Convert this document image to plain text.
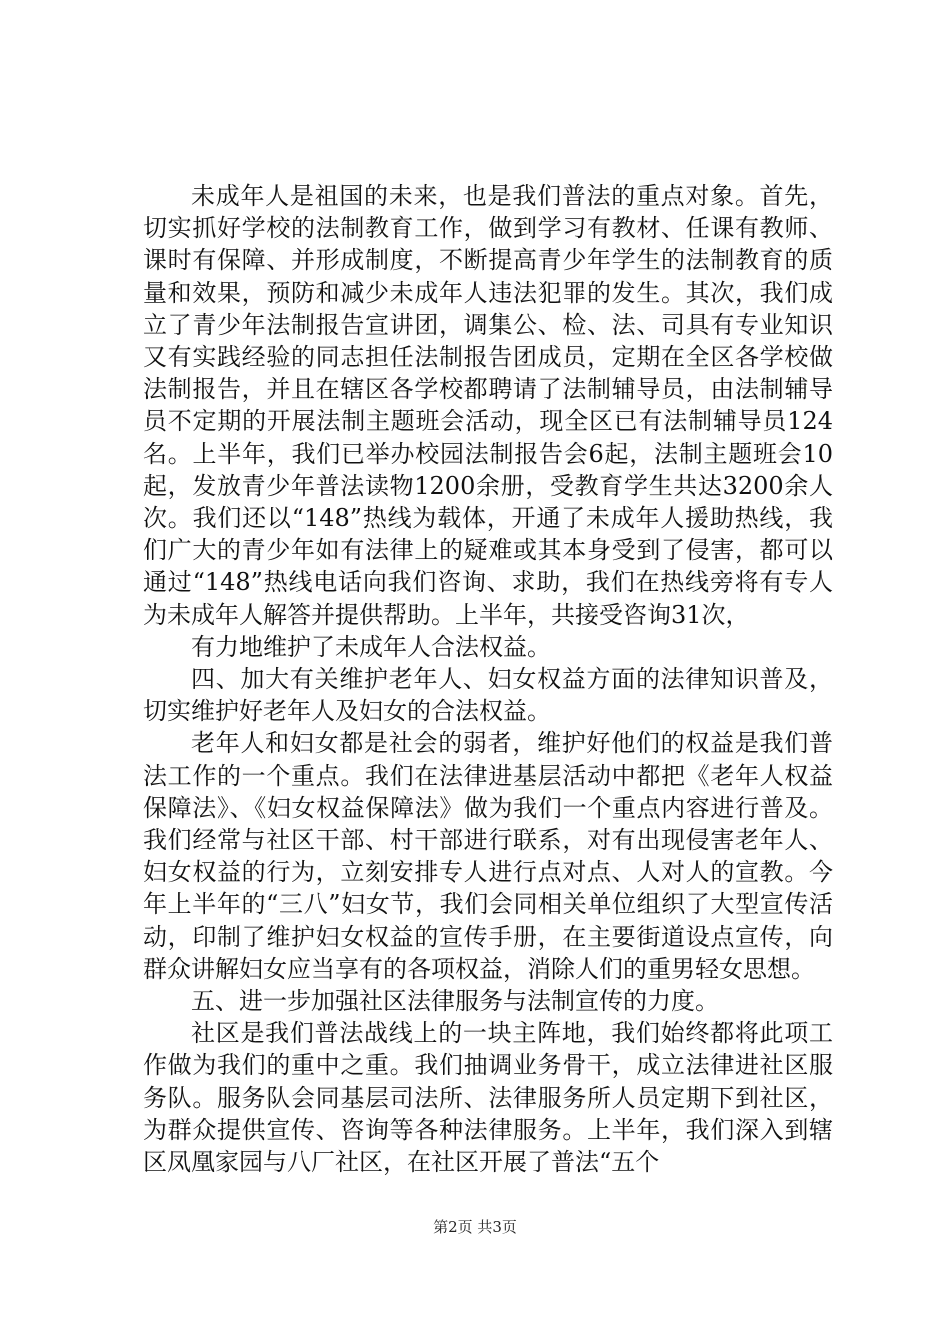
未成年人是祖国的未来，也是我们普法的重点对象。首先，切实抓好学校的法制教育工作，做到学习有教材、任课有教师、课时有保障、并形成制度，不断提高青少年学生的法制教育的质量和效果，预防和减少未成年人违法犯罪的发生。其次，我们成立了青少年法制报告宣讲团，调集公、检、法、司具有专业知识又有实践经验的同志担任法制报告团成员，定期在全区各学校做法制报告，并且在辖区各学校都聘请了法制辅导员，由法制辅导员不定期的开展法制主题班会活动，现全区已有法制辅导员124名。上半年，我们已举办校园法制报告会6起，法制主题班会10起，发放青少年普法读物1200余册，受教育学生共达3200余人次。我们还以“148”热线为载体，开通了未成年人援助热线，我们广大的青少年如有法律上的疑难或其本身受到了侵害，都可以通过“148”热线电话向我们咨询、求助，我们在热线旁将有专人为未成年人解答并提供帮助。上半年，共接受咨询31次，

有力地维护了未成年人合法权益。

四、加大有关维护老年人、妇女权益方面的法律知识普及，切实维护好老年人及妇女的合法权益。

老年人和妇女都是社会的弱者，维护好他们的权益是我们普法工作的一个重点。我们在法律进基层活动中都把《老年人权益保障法》、《妇女权益保障法》做为我们一个重点内容进行普及。我们经常与社区干部、村干部进行联系，对有出现侵害老年人、妇女权益的行为，立刻安排专人进行点对点、人对人的宣教。今年上半年的“三八”妇女节，我们会同相关单位组织了大型宣传活动，印制了维护妇女权益的宣传手册，在主要街道设点宣传，向群众讲解妇女应当享有的各项权益，消除人们的重男轻女思想。

五、进一步加强社区法律服务与法制宣传的力度。

社区是我们普法战线上的一块主阵地，我们始终都将此项工作做为我们的重中之重。我们抽调业务骨干，成立法律进社区服务队。服务队会同基层司法所、法律服务所人员定期下到社区，为群众提供宣传、咨询等各种法律服务。上半年，我们深入到辖区凤凰家园与八厂社区，在社区开展了普法“五个

第2页 共3页
